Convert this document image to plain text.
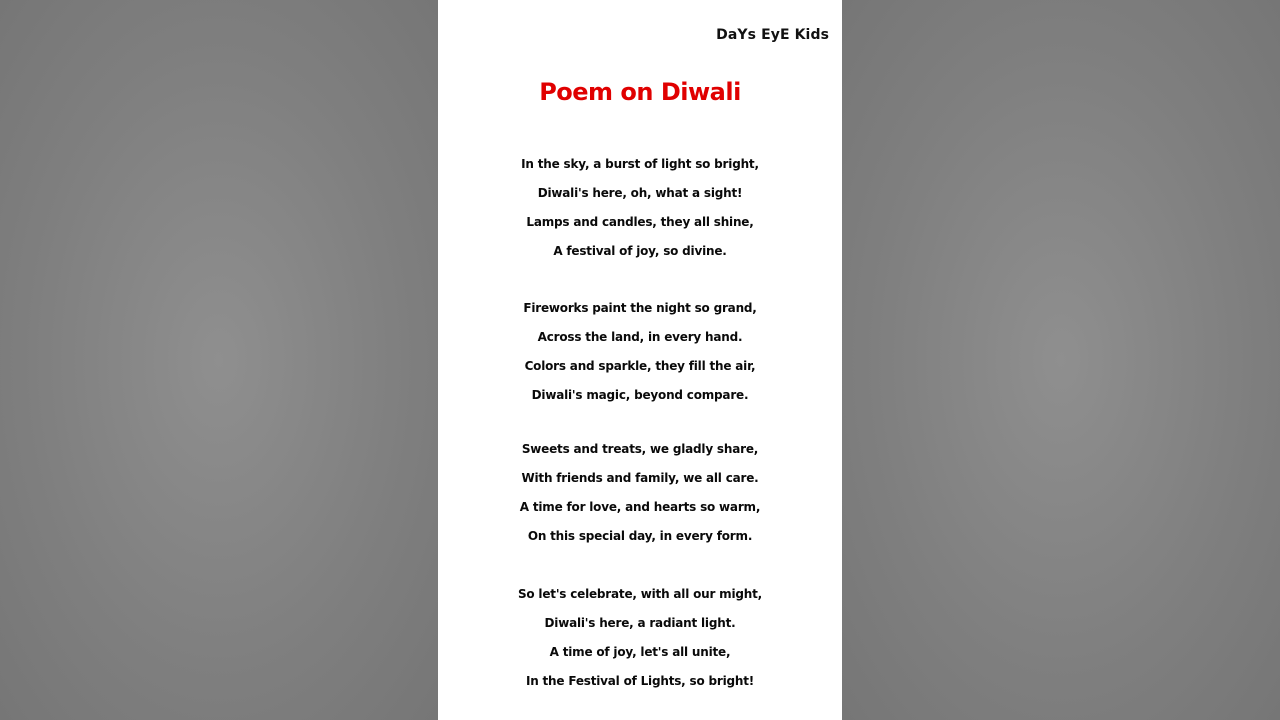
DaYs EyE Kids
Poem on Diwali
In the sky, a burst of light so bright,
Diwali's here, oh, what a sight!
Lamps and candles, they all shine,
A festival of joy, so divine.
Fireworks paint the night so grand,
Across the land, in every hand.
Colors and sparkle, they fill the air,
Diwali's magic, beyond compare.
Sweets and treats, we gladly share,
With friends and family, we all care.
A time for love, and hearts so warm,
On this special day, in every form.
So let's celebrate, with all our might,
Diwali's here, a radiant light.
A time of joy, let's all unite,
In the Festival of Lights, so bright!
